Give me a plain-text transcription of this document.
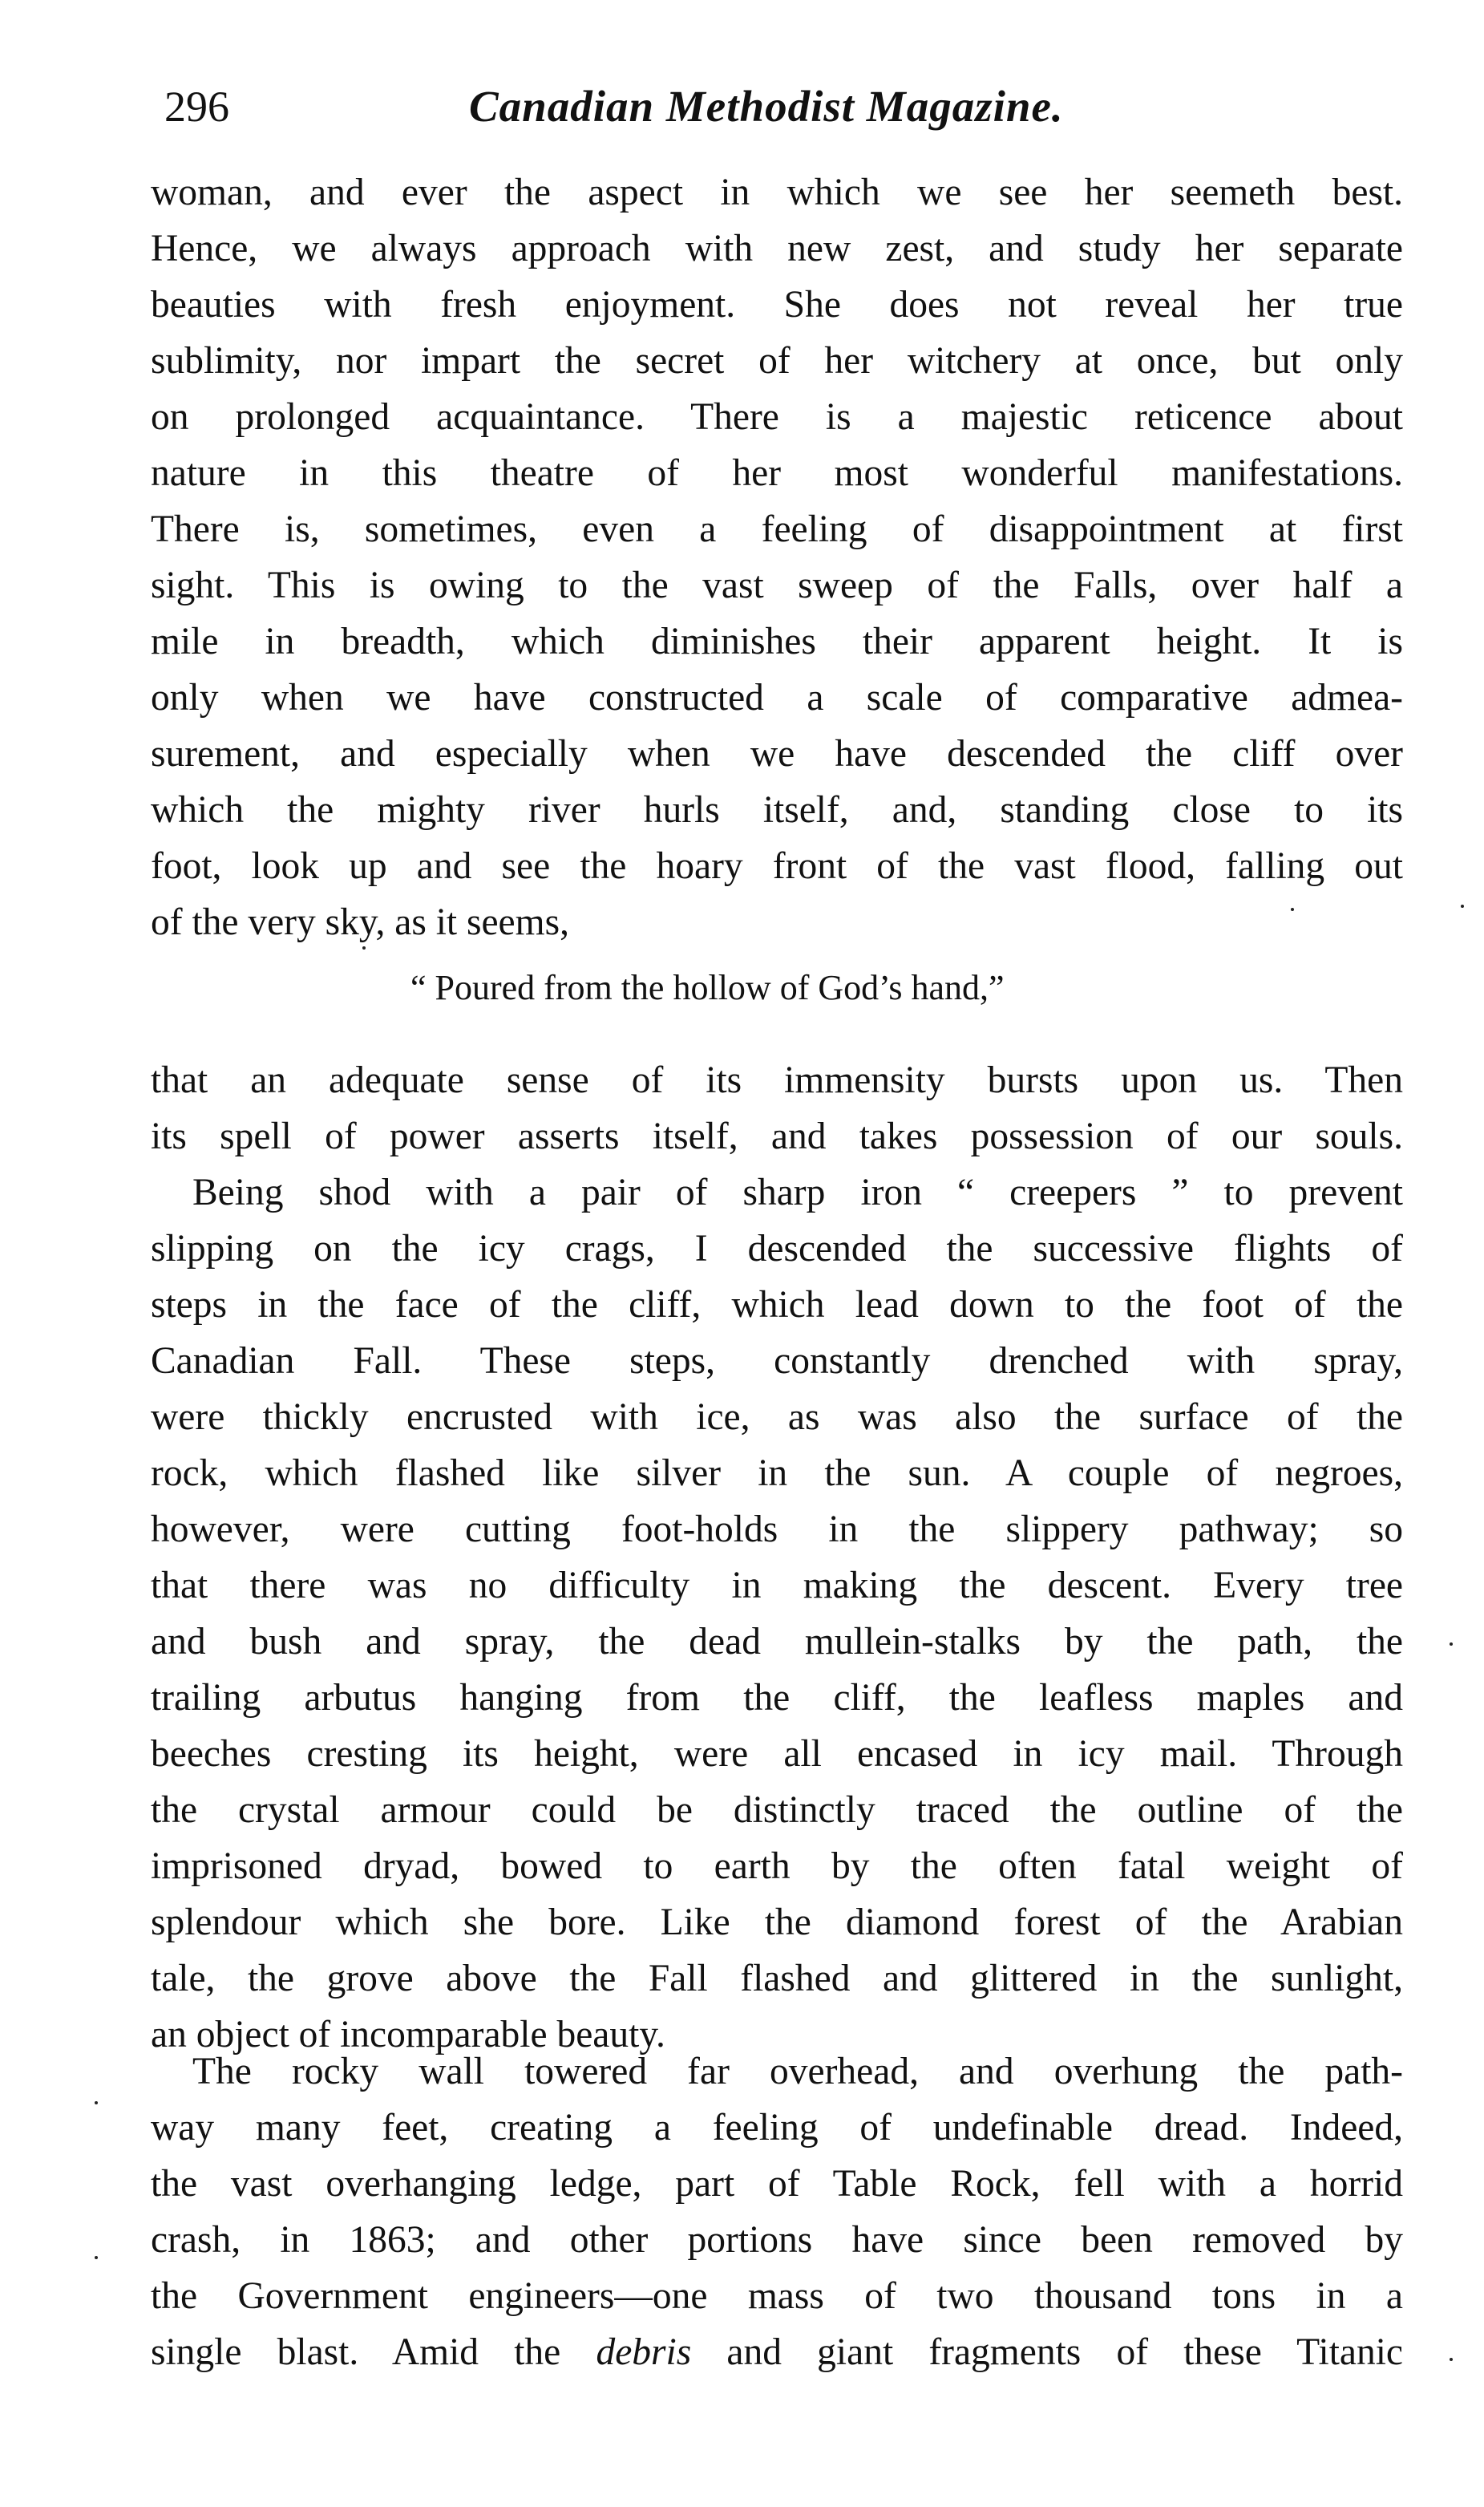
296	Canadian Methodist Magazine.
woman, and ever the aspect in which we see her seemeth best.
Hence, we always approach with new zest, and study her separate
beauties with fresh enjoyment. She does not reveal her true
sublimity, nor impart the secret of her witchery at once, but only
on prolonged acquaintance. There is a majestic reticence about
nature in this theatre of her most wonderful manifestations.
There is, sometimes, even a feeling of disappointment at first
sight. This is owing to the vast sweep of the Falls, over half a
mile in breadth, which diminishes their apparent height. It is
only when we have constructed a scale of comparative admea-
surement, and especially when we have descended the cliff over
which the mighty river hurls itself, and, standing close to its
foot, look up and see the hoary front of the vast flood, falling out
of the very sky, as it seems,
“ Poured from the hollow of God’s hand,”
that an adequate sense of its immensity bursts upon us. Then
its spell of power asserts itself, and takes possession of our souls.
Being shod with a pair of sharp iron “ creepers ” to prevent
slipping on the icy crags, I descended the successive flights of
steps in the face of the cliff, which lead down to the foot of the
Canadian Fall. These steps, constantly drenched with spray,
were thickly encrusted with ice, as was also the surface of the
rock, which flashed like silver in the sun. A couple of negroes,
however, were cutting foot-holds in the slippery pathway; so
that there was no difficulty in making the descent. Every tree
and bush and spray, the dead mullein-stalks by the path, the
trailing arbutus hanging from the cliff, the leafless maples and
beeches cresting its height, were all encased in icy mail. Through
the crystal armour could be distinctly traced the outline of the
imprisoned dryad, bowed to earth by the often fatal weight of
splendour which she bore. Like the diamond forest of the Arabian
tale, the grove above the Fall flashed and glittered in the sunlight,
an object of incomparable beauty.
The rocky wall towered far overhead, and overhung the path-
way many feet, creating a feeling of undefinable dread. Indeed,
the vast overhanging ledge, part of Table Rock, fell with a horrid
crash, in 1863; and other portions have since been removed by
the Government engineers—one mass of two thousand tons in a
single blast. Amid the debris and giant fragments of these Titanic
